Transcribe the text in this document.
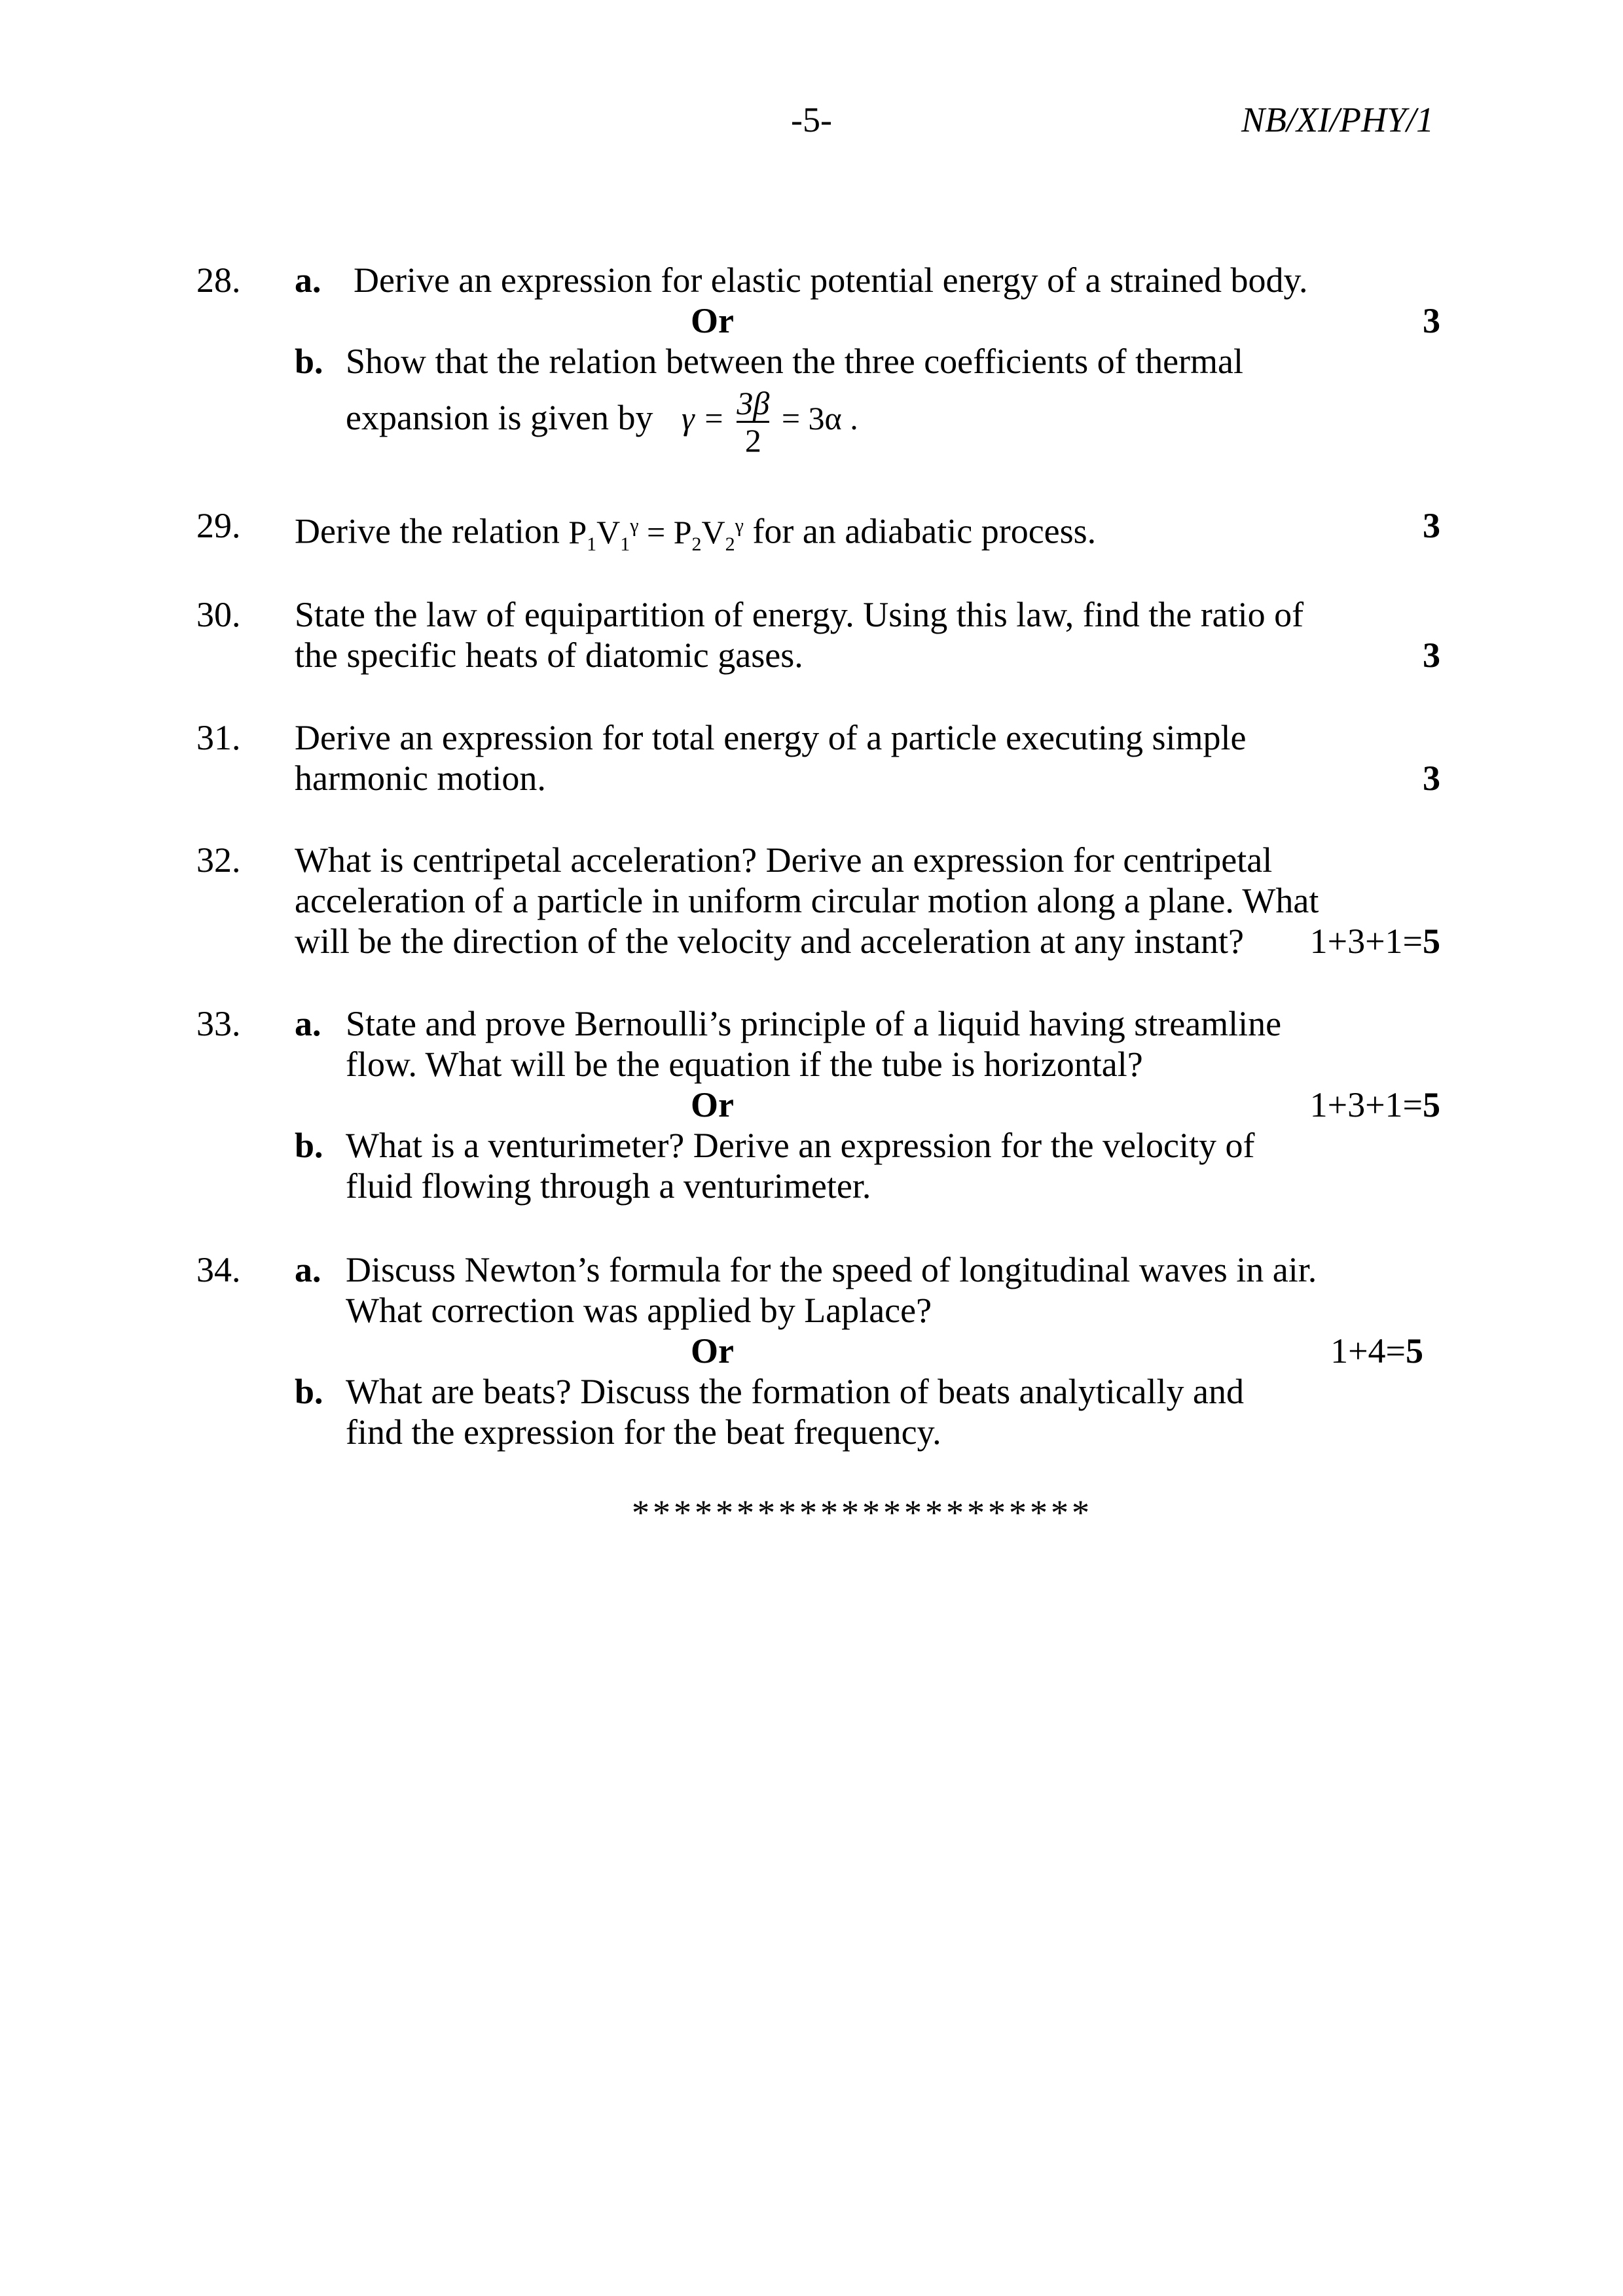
-5-	NB/XI/PHY/1
28. a. Derive an expression for elastic potential energy of a strained body.
Or	3
b. Show that the relation between the three coefficients of thermal
expansion is given by $\gamma = \frac{3\beta}{2} = 3\alpha$ .
29. Derive the relation $P_1V_1^\gamma = P_2V_2^\gamma$ for an adiabatic process.	3
30. State the law of equipartition of energy. Using this law, find the ratio of
the specific heats of diatomic gases.	3
31. Derive an expression for total energy of a particle executing simple
harmonic motion.	3
32. What is centripetal acceleration? Derive an expression for centripetal
acceleration of a particle in uniform circular motion along a plane. What
will be the direction of the velocity and acceleration at any instant? 1+3+1=5
33. a. State and prove Bernoulli’s principle of a liquid having streamline
flow. What will be the equation if the tube is horizontal?
Or	1+3+1=5
b. What is a venturimeter? Derive an expression for the velocity of
fluid flowing through a venturimeter.
34. a. Discuss Newton’s formula for the speed of longitudinal waves in air.
What correction was applied by Laplace?
Or	1+4=5
b. What are beats? Discuss the formation of beats analytically and
find the expression for the beat frequency.
**********************
